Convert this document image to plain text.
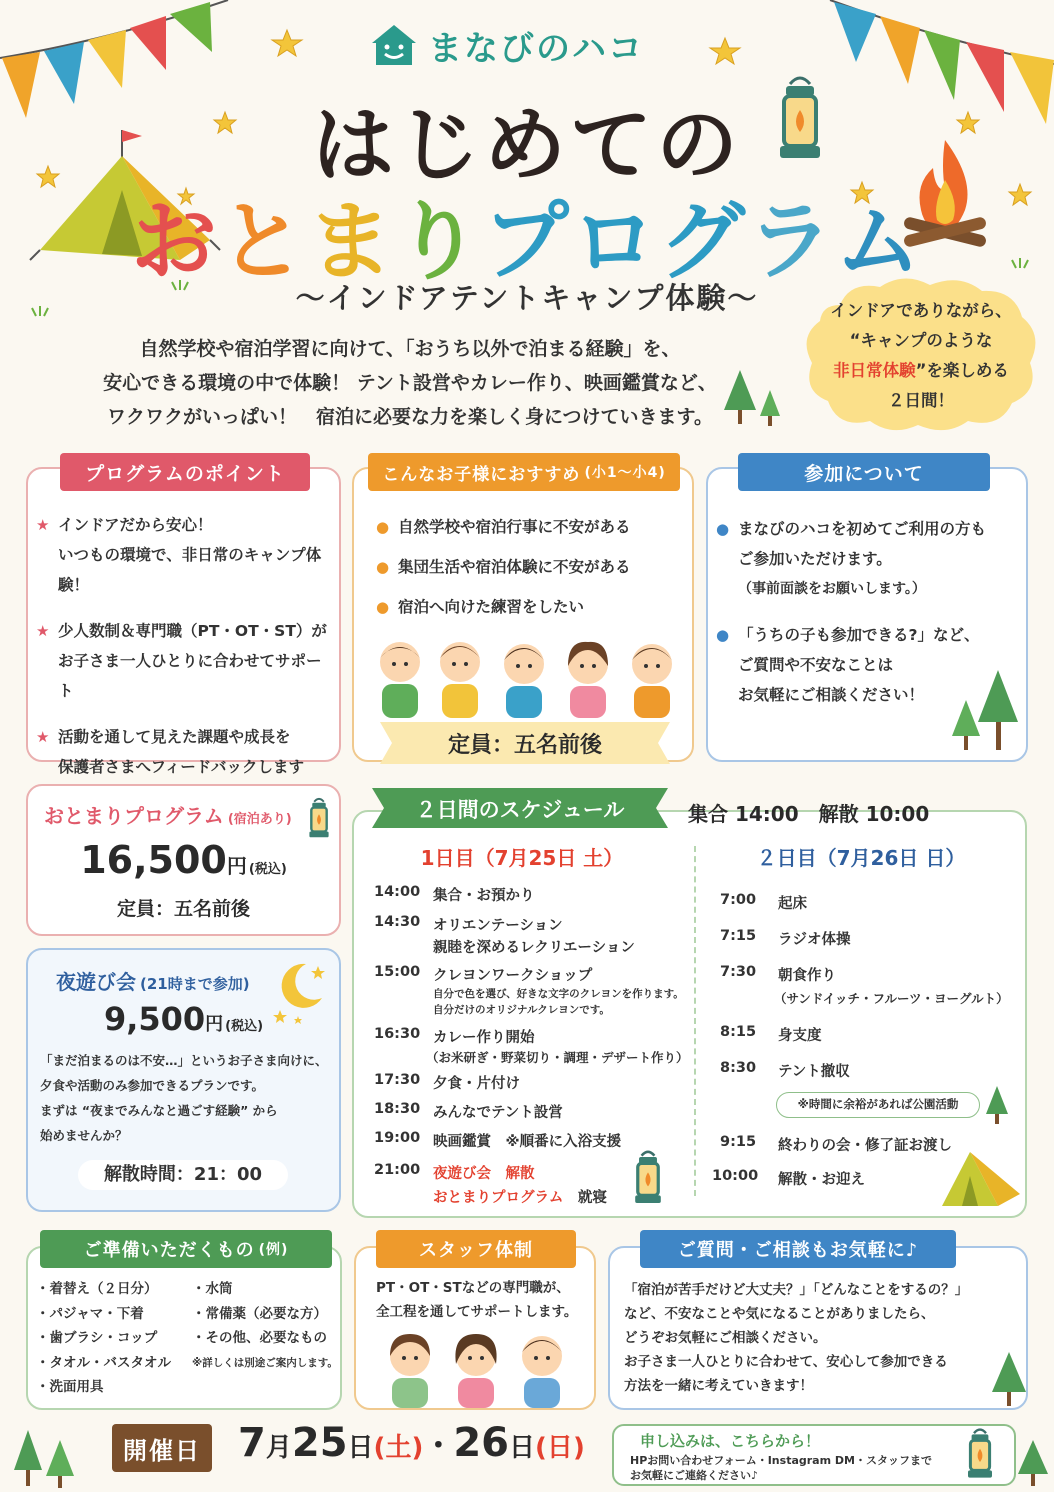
まなびのハコ
はじめての
おとまりプログラム
〜インドアテントキャンプ体験〜
自然学校や宿泊学習に向けて、「おうち以外で泊まる経験」を、
安心できる環境の中で体験！ テント設営やカレー作り、映画鑑賞など、
ワクワクがいっぱい！　宿泊に必要な力を楽しく身につけていきます。
インドアでありながら、
“キャンプのような
非日常体験”を楽しめる
２日間！
プログラムのポイント
★ インドアだから安心！
いつもの環境で、非日常のキャンプ体験！
★ 少人数制＆専門職（PT・OT・ST）が
お子さま一人ひとりに合わせてサポート
★ 活動を通して見えた課題や成長を
保護者さまへフィードバックします
こんなお子様におすすめ (小1〜小4)
● 自然学校や宿泊行事に不安がある
● 集団生活や宿泊体験に不安がある
● 宿泊へ向けた練習をしたい
定員：五名前後
参加について
● まなびのハコを初めてご利用の方も
ご参加いただけます。
（事前面談をお願いします。）
● 「うちの子も参加できる?」など、
ご質問や不安なことは
お気軽にご相談ください！
おとまりプログラム (宿泊あり)
16,500円 (税込)
定員：五名前後
夜遊び会 (21時まで参加)
9,500円 (税込)
「まだ泊まるのは不安…」というお子さま向けに、
夕食や活動のみ参加できるプランです。
まずは “夜までみんなと過ごす経験” から
始めませんか？
解散時間：21：00
２日間のスケジュール	集合 14:00　解散 10:00
1日目（7月25日 土）	２日目（7月26日 日）
14:00 集合・お預かり
14:30 オリエンテーション
親睦を深めるレクリエーション
15:00 クレヨンワークショップ
自分で色を選び、好きな文字のクレヨンを作ります。
自分だけのオリジナルクレヨンです。
16:30 カレー作り開始
（お米研ぎ・野菜切り・調理・デザート作り）
17:30 夕食・片付け
18:30 みんなでテント設営
19:00 映画鑑賞　※順番に入浴支援
21:00 夜遊び会　解散
おとまりプログラム　 就寝
7:00 起床
7:15 ラジオ体操
7:30 朝食作り
（サンドイッチ・フルーツ・ヨーグルト）
8:15 身支度
8:30 テント撤収
※時間に余裕があれば公園活動
9:15 終わりの会・修了証お渡し
10:00 解散・お迎え
ご準備いただくもの (例)
・着替え（２日分）
・パジャマ・下着
・歯ブラシ・コップ
・タオル・バスタオル
・洗面用具
・水筒
・常備薬（必要な方）
・その他、必要なもの
※詳しくは別途ご案内します。
スタッフ体制
PT・OT・STなどの専門職が、
全工程を通してサポートします。
ご質問・ご相談もお気軽に♪
「宿泊が苦手だけど大丈夫？」「どんなことをするの？」
など、不安なことや気になることがありましたら、
どうぞお気軽にご相談ください。
お子さま一人ひとりに合わせて、安心して参加できる
方法を一緒に考えていきます！
開催日 7月25日(土)・26日(日)	申し込みは、こちらから！
HPお問い合わせフォーム・Instagram DM・スタッフまで
お気軽にご連絡ください♪
